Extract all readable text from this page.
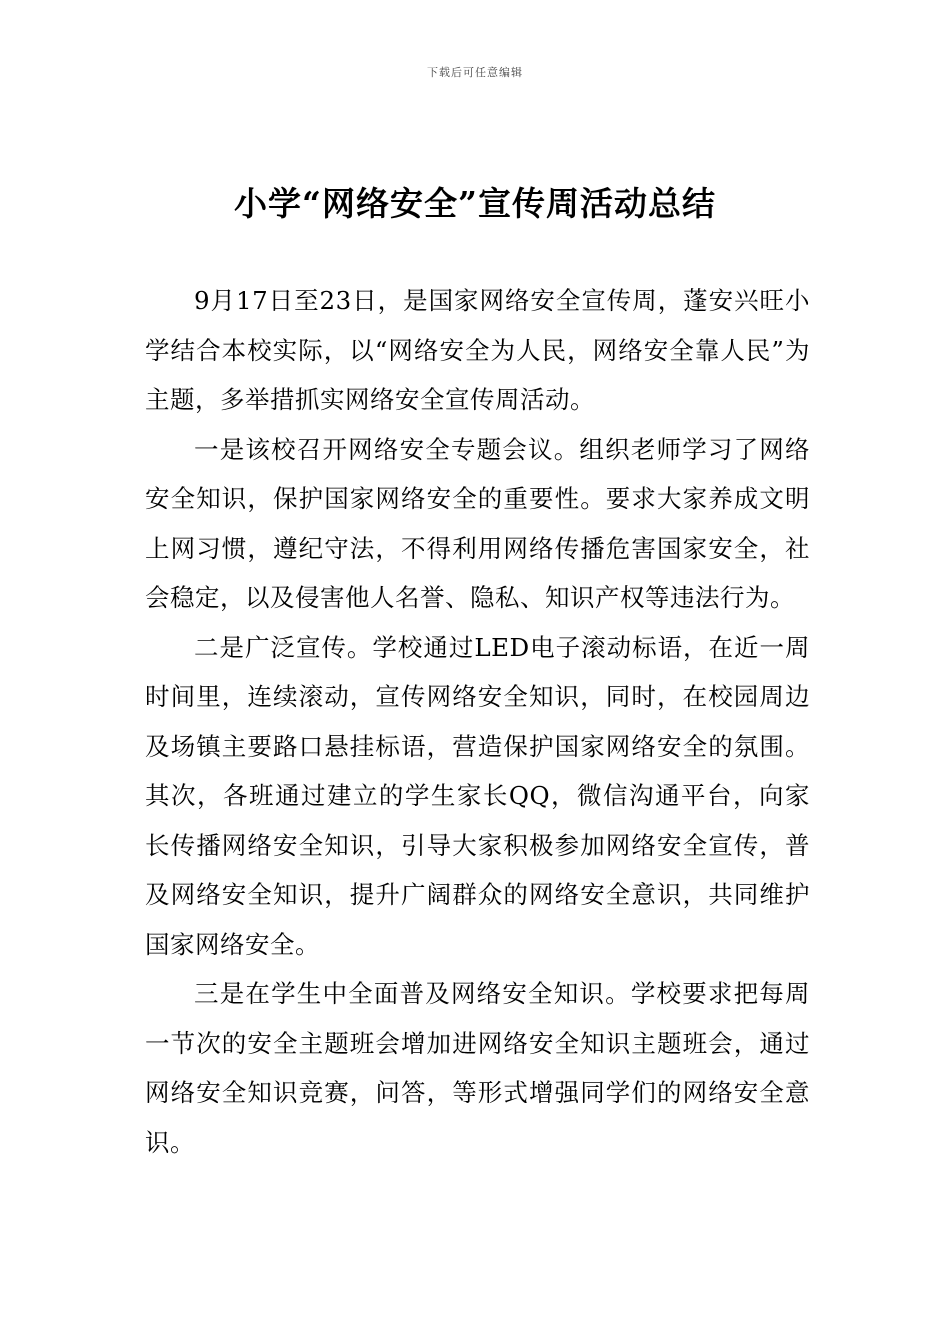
下载后可任意编辑
小学“网络安全”宣传周活动总结

9月17日至23日，是国家网络安全宣传周，蓬安兴旺小学结合本校实际，以“网络安全为人民，网络安全靠人民”为主题，多举措抓实网络安全宣传周活动。

一是该校召开网络安全专题会议。组织老师学习了网络安全知识，保护国家网络安全的重要性。要求大家养成文明上网习惯，遵纪守法，不得利用网络传播危害国家安全，社会稳定，以及侵害他人名誉、隐私、知识产权等违法行为。

二是广泛宣传。学校通过LED电子滚动标语，在近一周时间里，连续滚动，宣传网络安全知识，同时，在校园周边及场镇主要路口悬挂标语，营造保护国家网络安全的氛围。其次，各班通过建立的学生家长QQ，微信沟通平台，向家长传播网络安全知识，引导大家积极参加网络安全宣传，普及网络安全知识，提升广阔群众的网络安全意识，共同维护国家网络安全。

三是在学生中全面普及网络安全知识。学校要求把每周一节次的安全主题班会增加进网络安全知识主题班会，通过网络安全知识竞赛，问答，等形式增强同学们的网络安全意识。
